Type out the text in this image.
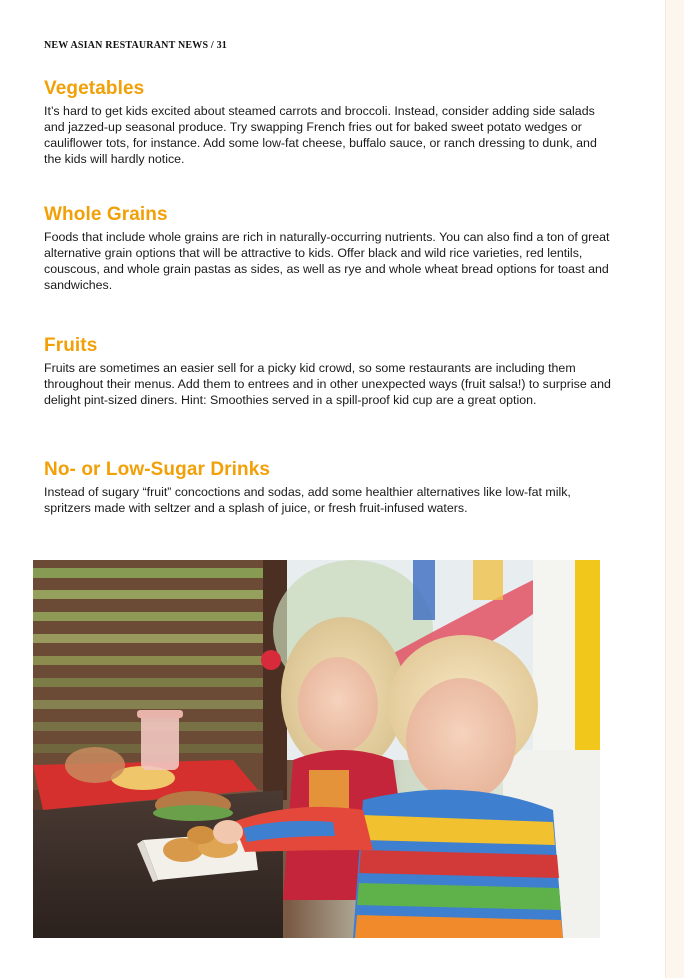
NEW ASIAN RESTAURANT NEWS / 31
Vegetables

It’s hard to get kids excited about steamed carrots and broccoli. Instead, consider adding side salads and jazzed-up seasonal produce. Try swapping French fries out for baked sweet potato wedges or cauliflower tots, for instance. Add some low-fat cheese, buffalo sauce, or ranch dressing to dunk, and the kids will hardly notice.

Whole Grains

Foods that include whole grains are rich in naturally-occurring nutrients. You can also find a ton of great alternative grain options that will be attractive to kids. Offer black and wild rice varieties, red lentils, couscous, and whole grain pastas as sides, as well as rye and whole wheat bread options for toast and sandwiches.

Fruits

Fruits are sometimes an easier sell for a picky kid crowd, so some restaurants are including them throughout their menus. Add them to entrees and in other unexpected ways (fruit salsa!) to surprise and delight pint-sized diners. Hint: Smoothies served in a spill-proof kid cup are a great option.

No- or Low-Sugar Drinks

Instead of sugary “fruit” concoctions and sodas, add some healthier alternatives like low-fat milk, spritzers made with seltzer and a splash of juice, or fresh fruit-infused waters.
